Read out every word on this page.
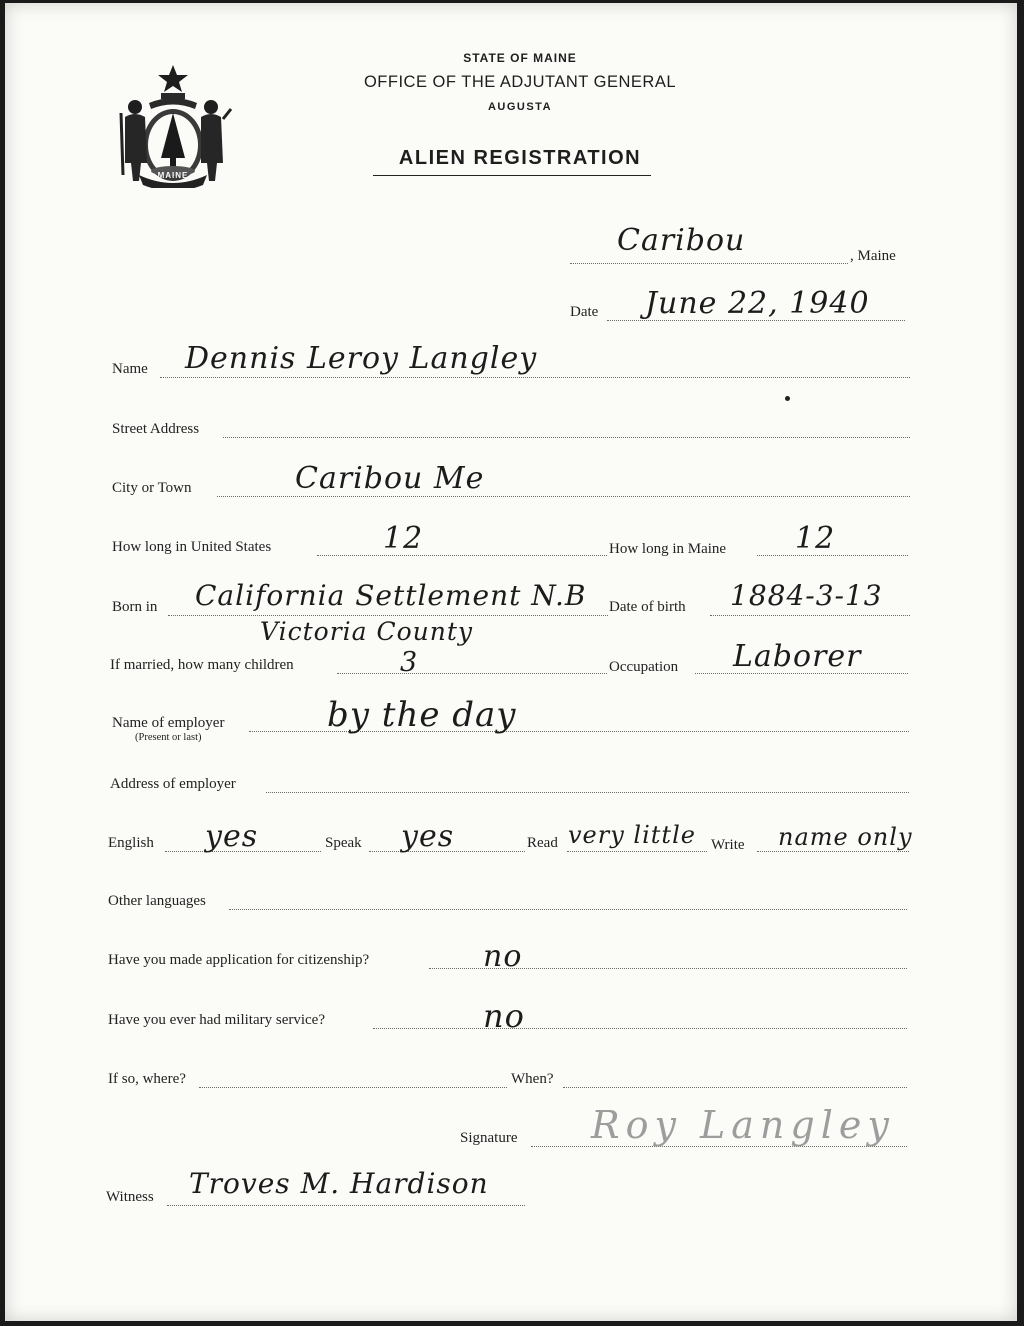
MAINE
STATE OF MAINE
OFFICE OF THE ADJUTANT GENERAL
AUGUSTA
ALIEN REGISTRATION
Caribou	, Maine
Date June 22, 1940
Name Dennis Leroy Langley
Street Address
City or Town	Caribou Me
How long in United States	12	How long in Maine 12
Born in California Settlement N.B
Victoria County
Date of birth 1884-3-13
If married, how many children	3	Occupation Laborer
Name of employer
(Present or last)
by the day
Address of employer
English yes	Speak yes	Read very little Write name only
Other languages
Have you made application for citizenship?	no
Have you ever had military service?	no
If so, where?	When?
Signature Roy Langley
Witness Troves M. Hardison
